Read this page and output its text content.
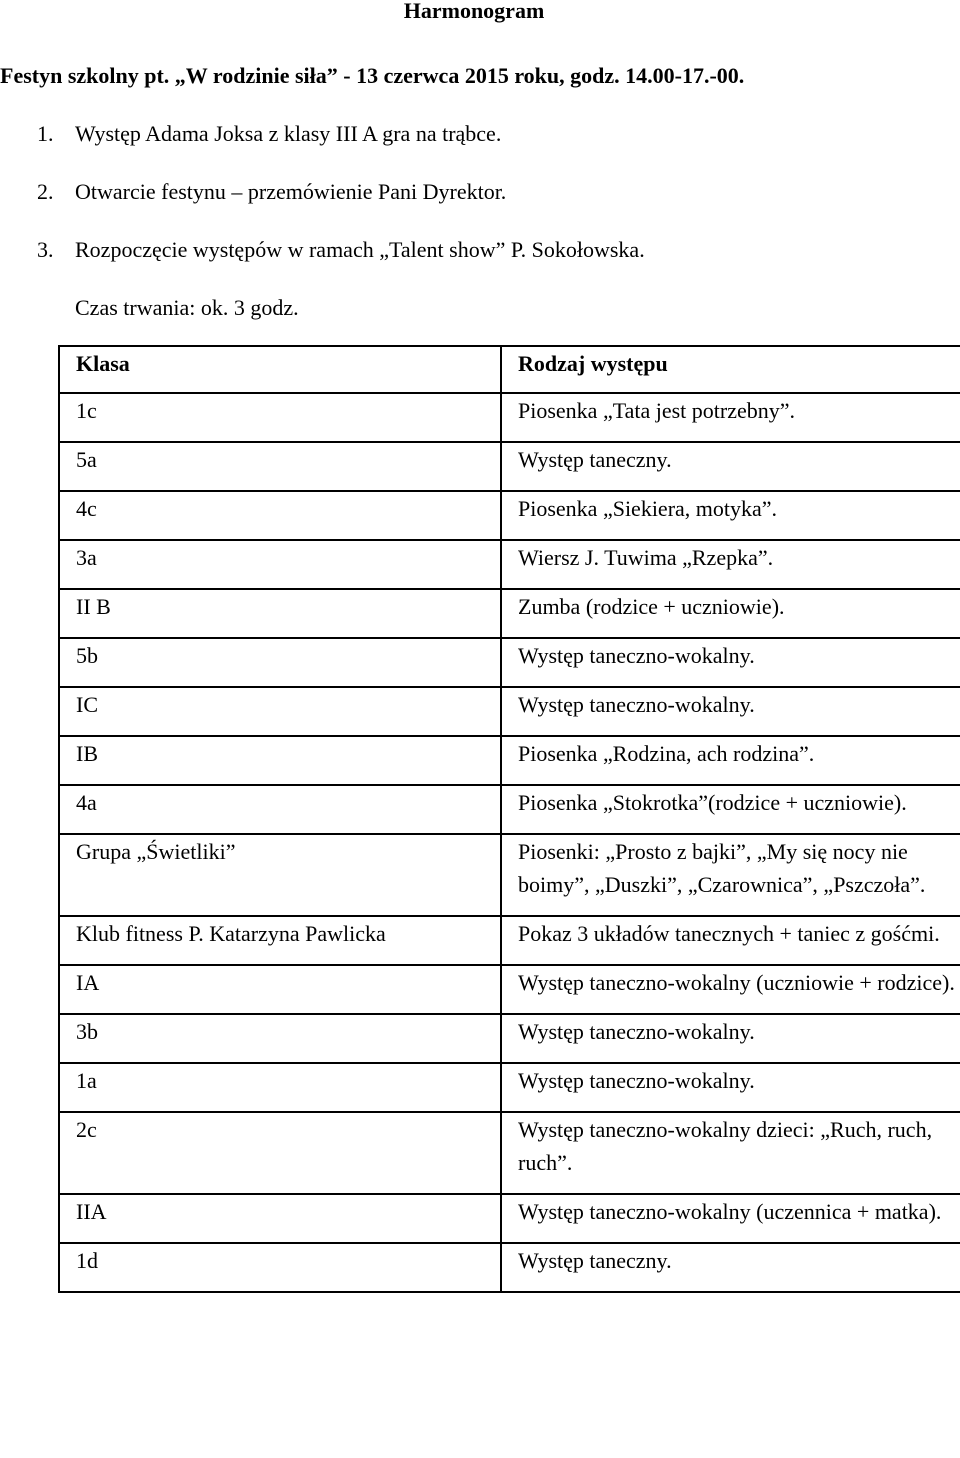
Harmonogram

Festyn szkolny pt. „W rodzinie siła” - 13 czerwca 2015 roku, godz. 14.00-17.-00.

1. Występ Adama Joksa z klasy III A gra na trąbce.
2. Otwarcie festynu – przemówienie Pani Dyrektor.
3. Rozpoczęcie występów w ramach „Talent show” P. Sokołowska.
Czas trwania: ok. 3 godz.
Klasa	Rodzaj występu
1c	Piosenka „Tata jest potrzebny”.
5a	Występ taneczny.
4c	Piosenka „Siekiera, motyka”.
3a	Wiersz J. Tuwima „Rzepka”.
II B	Zumba (rodzice + uczniowie).
5b	Występ taneczno-wokalny.
IC	Występ taneczno-wokalny.
IB	Piosenka „Rodzina, ach rodzina”.
4a	Piosenka „Stokrotka”(rodzice + uczniowie).
Grupa „Świetliki”	Piosenki: „Prosto z bajki”, „My się nocy nie boimy”, „Duszki”, „Czarownica”, „Pszczoła”.
Klub fitness P. Katarzyna Pawlicka	Pokaz 3 układów tanecznych + taniec z gośćmi.
IA	Występ taneczno-wokalny (uczniowie + rodzice).
3b	Występ taneczno-wokalny.
1a	Występ taneczno-wokalny.
2c	Występ taneczno-wokalny dzieci: „Ruch, ruch, ruch”.
IIA	Występ taneczno-wokalny (uczennica + matka).
1d	Występ taneczny.
